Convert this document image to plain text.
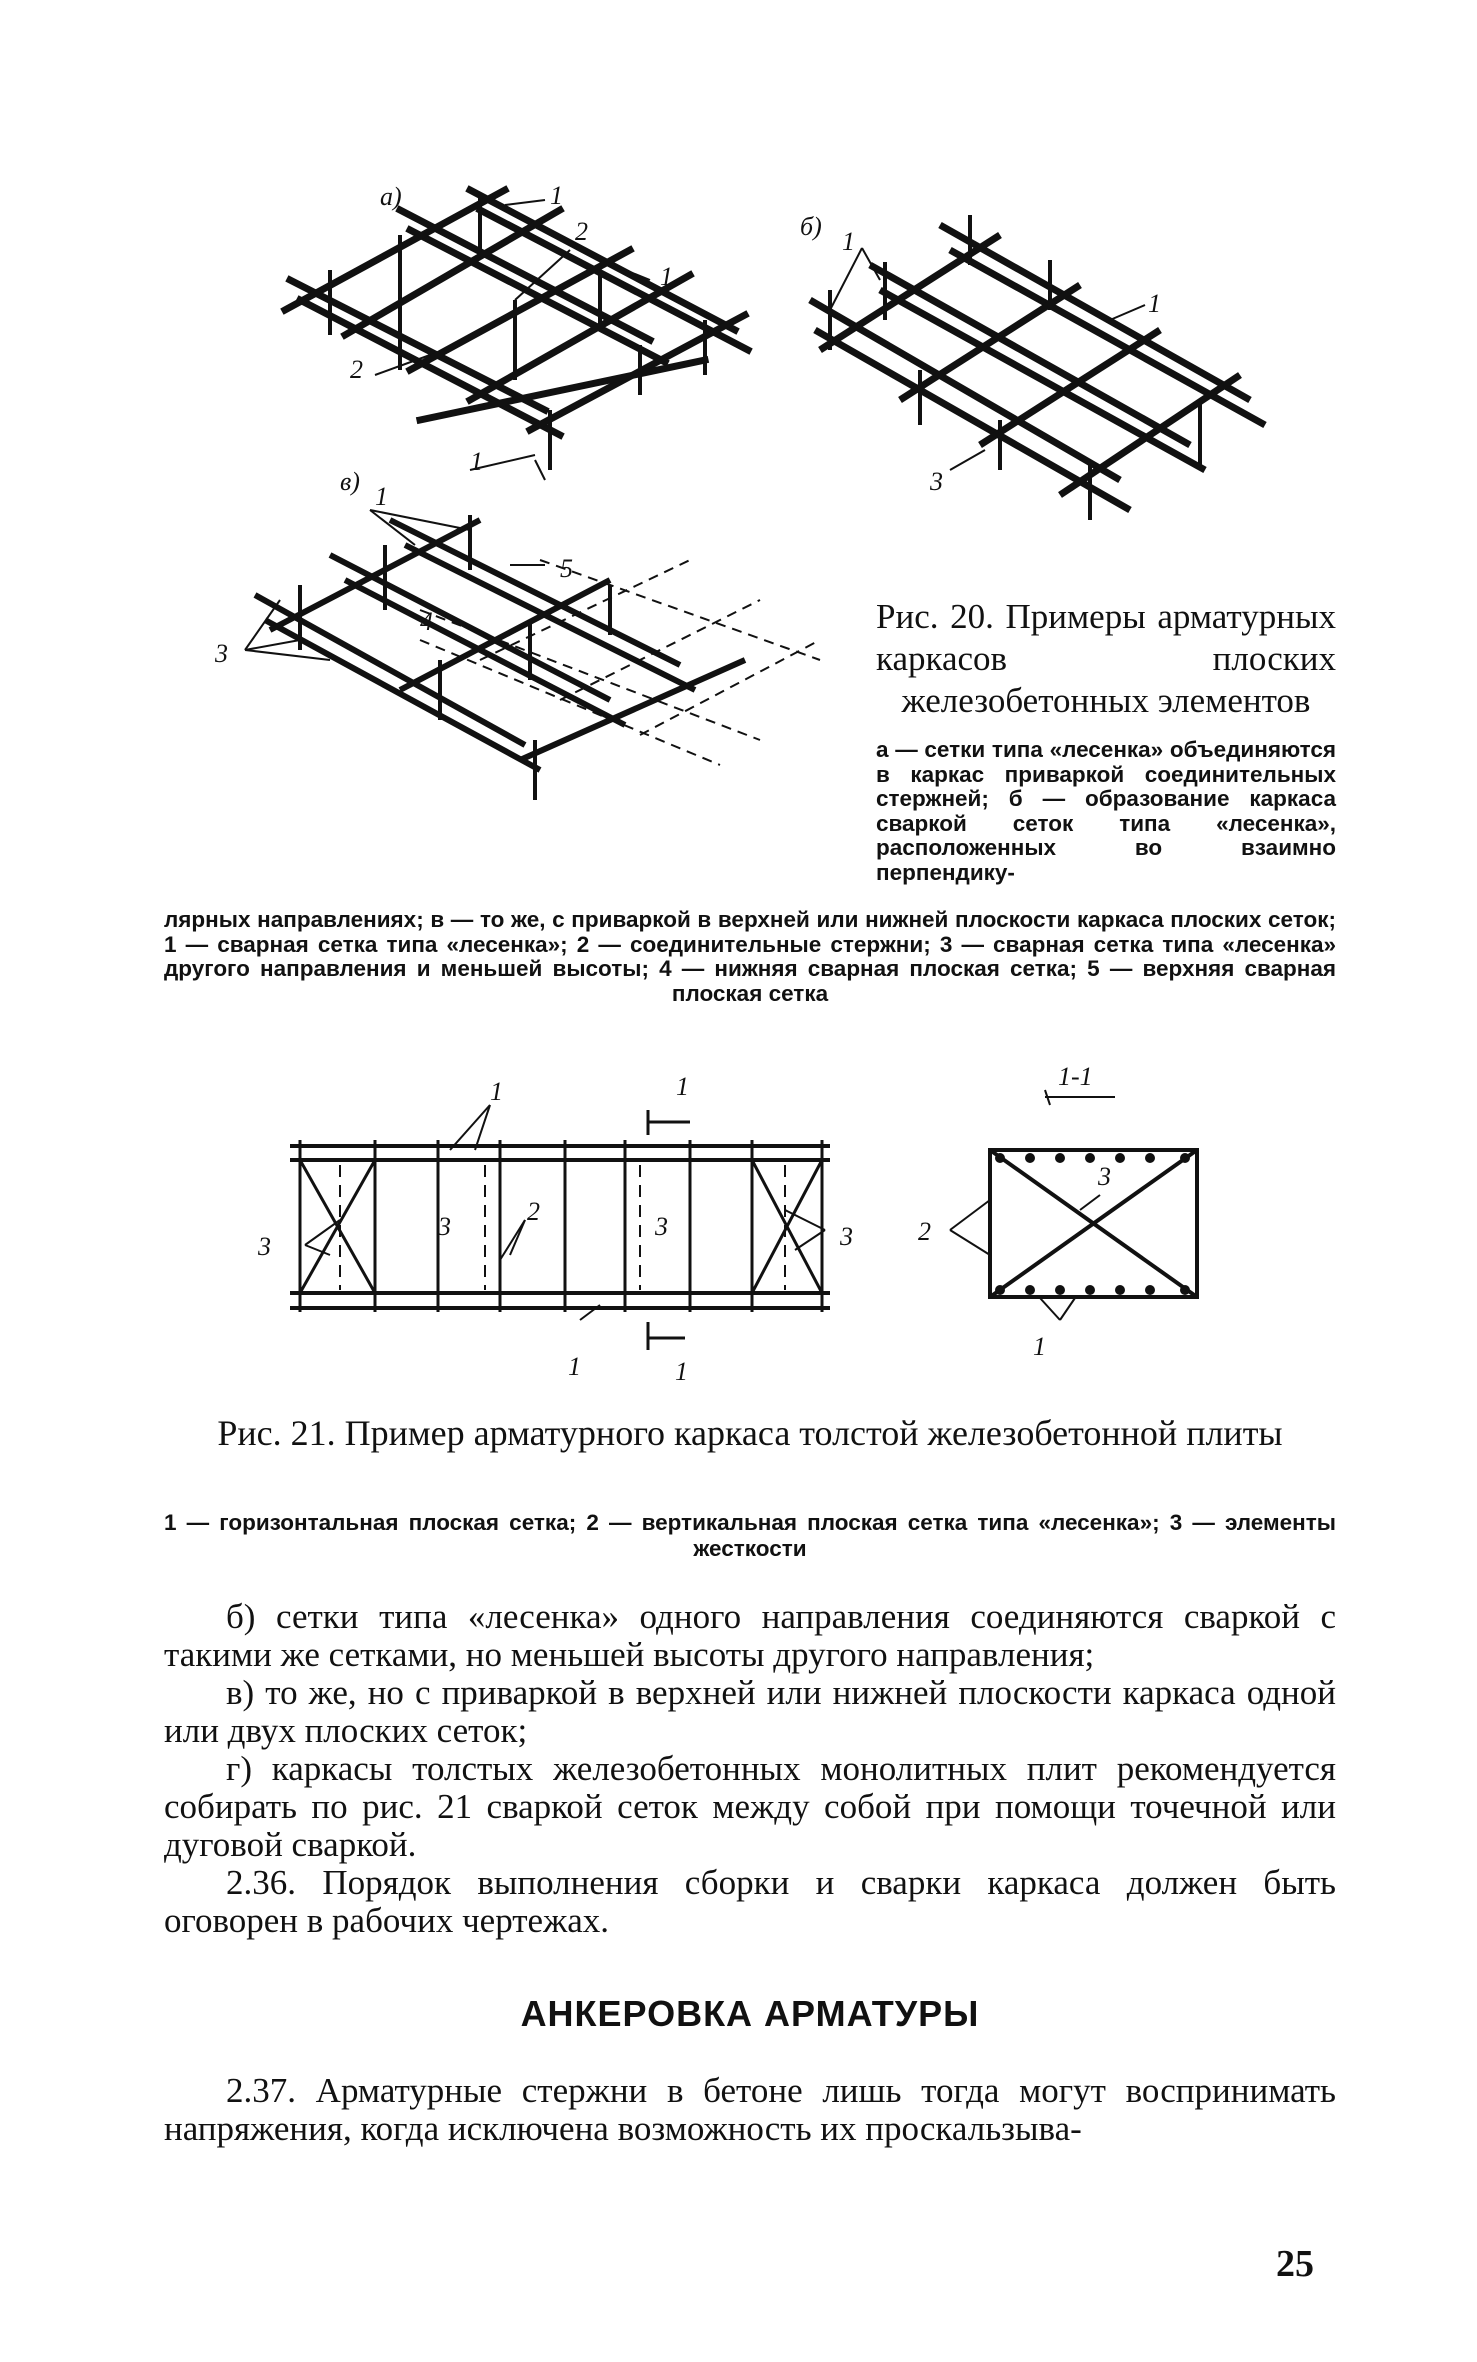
а)	1
2
1
2
1
б)
1
1
3
в)
1
5
3
4	Рис. 20. Примеры арматурных каркасов плоских железобетонных элементов
а — сетки типа «лесенка» объединяются в каркас приваркой соединительных стержней; б — образование каркаса сваркой сеток типа «лесенка», расположенных во взаимно перпендику-
лярных направлениях; в — то же, с приваркой в верхней или нижней плоскости каркаса плоских сеток; 1 — сварная сетка типа «лесенка»; 2 — соединительные стержни; 3 — сварная сетка типа «лесенка» другого направления и меньшей высоты; 4 — нижняя сварная плоская сетка; 5 — верхняя сварная плоская сетка
1
1
1
1
3
3
2
3	3
1-1
2
3
1
Рис. 21. Пример арматурного каркаса толстой железобетонной плиты
1 — горизонтальная плоская сетка; 2 — вертикальная плоская сетка типа «лесенка»; 3 — элементы жесткости

б) сетки типа «лесенка» одного направления соединяются сваркой с такими же сетками, но меньшей высоты другого направления;

в) то же, но с приваркой в верхней или нижней плоскости каркаса одной или двух плоских сеток;

г) каркасы толстых железобетонных монолитных плит рекомендуется собирать по рис. 21 сваркой сеток между собой при помощи точечной или дуговой сваркой.

2.36. Порядок выполнения сборки и сварки каркаса должен быть оговорен в рабочих чертежах.

АНКЕРОВКА АРМАТУРЫ

2.37. Арматурные стержни в бетоне лишь тогда могут воспринимать напряжения, когда исключена возможность их проскальзыва-

25
